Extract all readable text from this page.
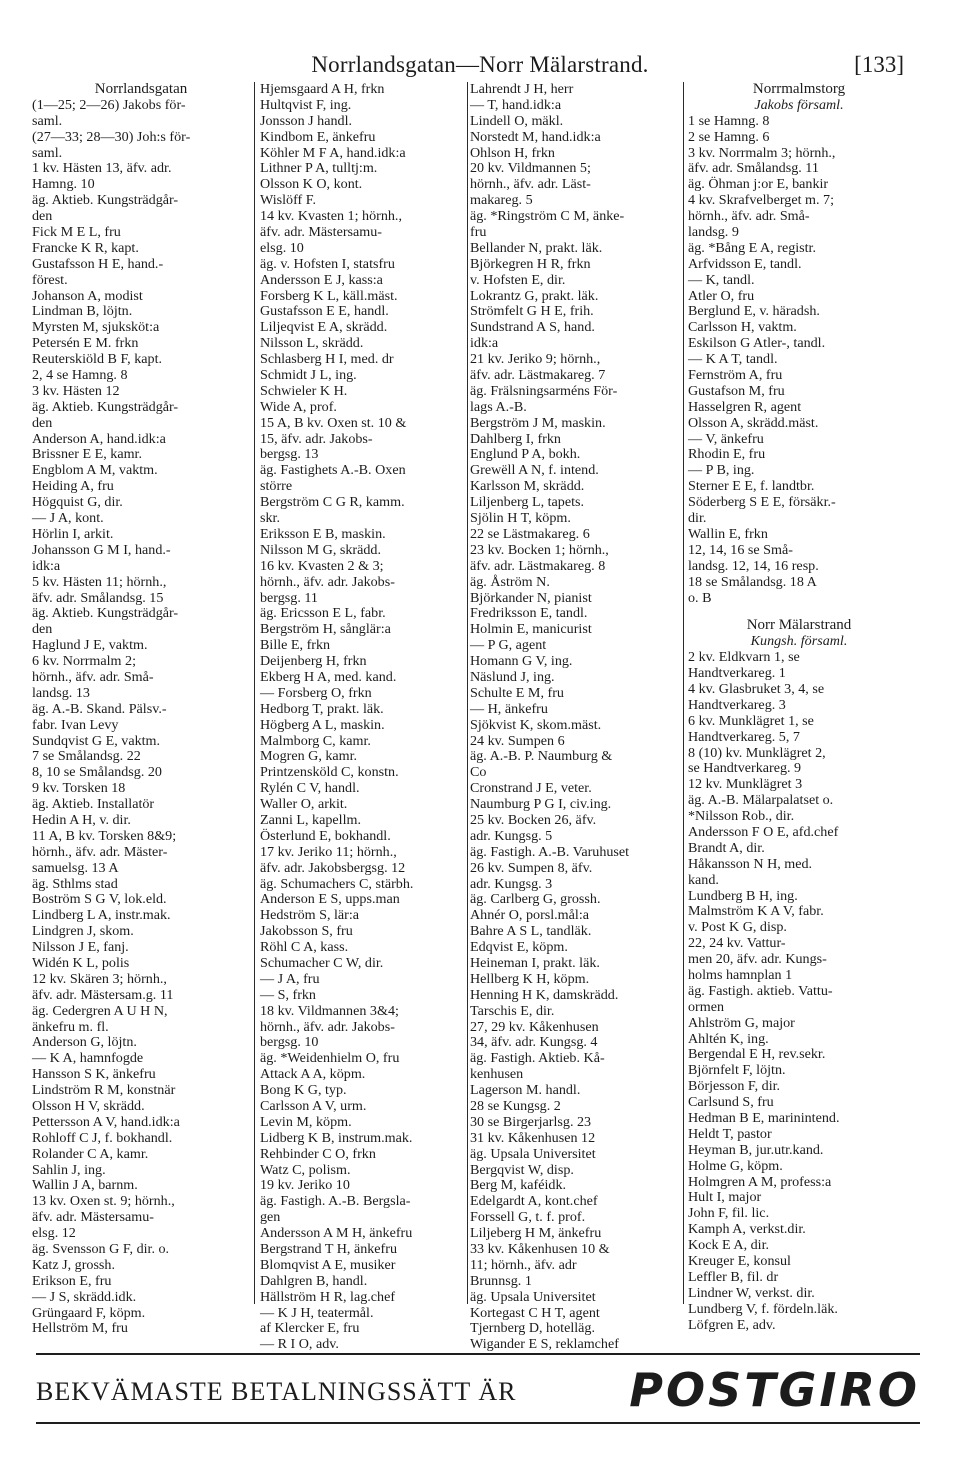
Norrlandsgatan—Norr Mälarstrand.	[133]
Norrlandsgatan
(1—25; 2—26) Jakobs för-
saml.
(27—33; 28—30) Joh:s för-
saml.
1 kv. Hästen 13, äfv. adr.
Hamng. 10
äg. Aktieb. Kungsträdgår-
den
Fick M E L, fru
Francke K R, kapt.
Gustafsson H E, hand.-
förest.
Johanson A, modist
Lindman B, löjtn.
Myrsten M, sjuksköt:a
Petersén E M. frkn
Reuterskiöld B F, kapt.
2, 4 se Hamng. 8
3 kv. Hästen 12
äg. Aktieb. Kungsträdgår-
den
Anderson A, hand.idk:a
Brissner E E, kamr.
Engblom A M, vaktm.
Heiding A, fru
Högquist G, dir.
— J A, kont.
Hörlin I, arkit.
Johansson G M I, hand.-
idk:a
5 kv. Hästen 11; hörnh.,
äfv. adr. Smålandsg. 15
äg. Aktieb. Kungsträdgår-
den
Haglund J E, vaktm.
6 kv. Norrmalm 2;
hörnh., äfv. adr. Små-
landsg. 13
äg. A.-B. Skand. Pälsv.-
fabr. Ivan Levy
Sundqvist G E, vaktm.
7 se Smålandsg. 22
8, 10 se Smålandsg. 20
9 kv. Torsken 18
äg. Aktieb. Installatör
Hedin A H, v. dir.
11 A, B kv. Torsken 8&9;
hörnh., äfv. adr. Mäster-
samuelsg. 13 A
äg. Sthlms stad
Boström S G V, lok.eld.
Lindberg L A, instr.mak.
Lindgren J, skom.
Nilsson J E, fanj.
Widén K L, polis
12 kv. Skären 3; hörnh.,
äfv. adr. Mästersam.g. 11
äg. Cedergren A U H N,
änkefru m. fl.
Anderson G, löjtn.
— K A, hamnfogde
Hansson S K, änkefru
Lindström R M, konstnär
Olsson H V, skrädd.
Pettersson A V, hand.idk:a
Rohloff C J, f. bokhandl.
Rolander C A, kamr.
Sahlin J, ing.
Wallin J A, barnm.
13 kv. Oxen st. 9; hörnh.,
äfv. adr. Mästersamu-
elsg. 12
äg. Svensson G F, dir. o.
Katz J, grossh.
Erikson E, fru
— J S, skrädd.idk.
Grüngaard F, köpm.
Hellström M, fru
Hjemsgaard A H, frkn
Hultqvist F, ing.
Jonsson J handl.
Kindbom E, änkefru
Köhler M F A, hand.idk:a
Lithner P A, tulltj:m.
Olsson K O, kont.
Wislöff F.
14 kv. Kvasten 1; hörnh.,
äfv. adr. Mästersamu-
elsg. 10
äg. v. Hofsten I, statsfru
Andersson E J, kass:a
Forsberg K L, käll.mäst.
Gustafsson E E, handl.
Liljeqvist E A, skrädd.
Nilsson L, skrädd.
Schlasberg H I, med. dr
Schmidt J L, ing.
Schwieler K H.
Wide A, prof.
15 A, B kv. Oxen st. 10 &
15, äfv. adr. Jakobs-
bergsg. 13
äg. Fastighets A.-B. Oxen
större
Bergström C G R, kamm.
skr.
Eriksson E B, maskin.
Nilsson M G, skrädd.
16 kv. Kvasten 2 & 3;
hörnh., äfv. adr. Jakobs-
bergsg. 11
äg. Ericsson E L, fabr.
Bergström H, sånglär:a
Bille E, frkn
Deijenberg H, frkn
Ekberg H A, med. kand.
— Forsberg O, frkn
Hedborg T, prakt. läk.
Högberg A L, maskin.
Malmborg C, kamr.
Mogren G, kamr.
Printzensköld C, konstn.
Rylén C V, handl.
Waller O, arkit.
Zanni L, kapellm.
Österlund E, bokhandl.
17 kv. Jeriko 11; hörnh.,
äfv. adr. Jakobsbergsg. 12
äg. Schumachers C, stärbh.
Anderson E S, upps.man
Hedström S, lär:a
Jakobsson S, fru
Röhl C A, kass.
Schumacher C W, dir.
— J A, fru
— S, frkn
18 kv. Vildmannen 3&4;
hörnh., äfv. adr. Jakobs-
bergsg. 10
äg. *Weidenhielm O, fru
Attack A A, köpm.
Bong K G, typ.
Carlsson A V, urm.
Levin M, köpm.
Lidberg K B, instrum.mak.
Rehbinder C O, frkn
Watz C, polism.
19 kv. Jeriko 10
äg. Fastigh. A.-B. Bergsla-
gen
Andersson A M H, änkefru
Bergstrand T H, änkefru
Blomqvist A E, musiker
Dahlgren B, handl.
Hällström H R, lag.chef
— K J H, teatermål.
af Klercker E, fru
— R I O, adv.
Lahrendt J H, herr
— T, hand.idk:a
Lindell O, mäkl.
Norstedt M, hand.idk:a
Ohlson H, frkn
20 kv. Vildmannen 5;
hörnh., äfv. adr. Läst-
makareg. 5
äg. *Ringström C M, änke-
fru
Bellander N, prakt. läk.
Björkegren H R, frkn
v. Hofsten E, dir.
Lokrantz G, prakt. läk.
Strömfelt G H E, frih.
Sundstrand A S, hand.
idk:a
21 kv. Jeriko 9; hörnh.,
äfv. adr. Lästmakareg. 7
äg. Frälsningsarméns För-
lags A.-B.
Bergström J M, maskin.
Dahlberg I, frkn
Englund P A, bokh.
Grewëll A N, f. intend.
Karlsson M, skrädd.
Liljenberg L, tapets.
Sjölin H T, köpm.
22 se Lästmakareg. 6
23 kv. Bocken 1; hörnh.,
äfv. adr. Lästmakareg. 8
äg. Åström N.
Björkander N, pianist
Fredriksson E, tandl.
Holmin E, manicurist
— P G, agent
Homann G V, ing.
Näslund J, ing.
Schulte E M, fru
— H, änkefru
Sjökvist K, skom.mäst.
24 kv. Sumpen 6
äg. A.-B. P. Naumburg &
Co
Cronstrand J E, veter.
Naumburg P G I, civ.ing.
25 kv. Bocken 26, äfv.
adr. Kungsg. 5
äg. Fastigh. A.-B. Varuhuset
26 kv. Sumpen 8, äfv.
adr. Kungsg. 3
äg. Carlberg G, grossh.
Ahnér O, porsl.mål:a
Bahre A S L, tandläk.
Edqvist E, köpm.
Heineman I, prakt. läk.
Hellberg K H, köpm.
Henning H K, damskrädd.
Tarschis E, dir.
27, 29 kv. Kåkenhusen
34, äfv. adr. Kungsg. 4
äg. Fastigh. Aktieb. Kå-
kenhusen
Lagerson M. handl.
28 se Kungsg. 2
30 se Birgerjarlsg. 23
31 kv. Kåkenhusen 12
äg. Upsala Universitet
Bergqvist W, disp.
Berg M, kaféidk.
Edelgardt A, kont.chef
Forssell G, t. f. prof.
Liljeberg H M, änkefru
33 kv. Kåkenhusen 10 &
11; hörnh., äfv. adr
Brunnsg. 1
äg. Upsala Universitet
Kortegast C H T, agent
Tjernberg D, hotelläg.
Wigander E S, reklamchef
Norrmalmstorg
Jakobs församl.
1 se Hamng. 8
2 se Hamng. 6
3 kv. Norrmalm 3; hörnh.,
äfv. adr. Smålandsg. 11
äg. Öhman j:or E, bankir
4 kv. Skrafvelberget m. 7;
hörnh., äfv. adr. Små-
landsg. 9
äg. *Bång E A, registr.
Arfvidsson E, tandl.
— K, tandl.
Atler O, fru
Berglund E, v. häradsh.
Carlsson H, vaktm.
Eskilson G Atler-, tandl.
— K A T, tandl.
Fernström A, fru
Gustafson M, fru
Hasselgren R, agent
Olsson A, skrädd.mäst.
— V, änkefru
Rhodin E, fru
— P B, ing.
Sterner E E, f. landtbr.
Söderberg S E E, försäkr.-
dir.
Wallin E, frkn
12, 14, 16 se Små-
landsg. 12, 14, 16 resp.
18 se Smålandsg. 18 A
o. B
Norr Mälarstrand
Kungsh. församl.
2 kv. Eldkvarn 1, se
Handtverkareg. 1
4 kv. Glasbruket 3, 4, se
Handtverkareg. 3
6 kv. Munklägret 1, se
Handtverkareg. 5, 7
8 (10) kv. Munklägret 2,
se Handtverkareg. 9
12 kv. Munklägret 3
äg. A.-B. Mälarpalatset o.
*Nilsson Rob., dir.
Andersson F O E, afd.chef
Brandt A, dir.
Håkansson N H, med.
kand.
Lundberg B H, ing.
Malmström K A V, fabr.
v. Post K G, disp.
22, 24 kv. Vattur-
men 20, äfv. adr. Kungs-
holms hamnplan 1
äg. Fastigh. aktieb. Vattu-
ormen
Ahlström G, major
Ahltén K, ing.
Bergendal E H, rev.sekr.
Björnfelt F, löjtn.
Börjesson F, dir.
Carlsund S, fru
Hedman B E, marinintend.
Heldt T, pastor
Heyman B, jur.utr.kand.
Holme G, köpm.
Holmgren A M, profess:a
Hult I, major
John F, fil. lic.
Kamph A, verkst.dir.
Kock E A, dir.
Kreuger E, konsul
Leffler B, fil. dr
Lindner W, verkst. dir.
Lundberg V, f. fördeln.läk.
Löfgren E, adv.
BEKVÄMASTE BETALNINGSSÄTT ÄR POSTGIRO
